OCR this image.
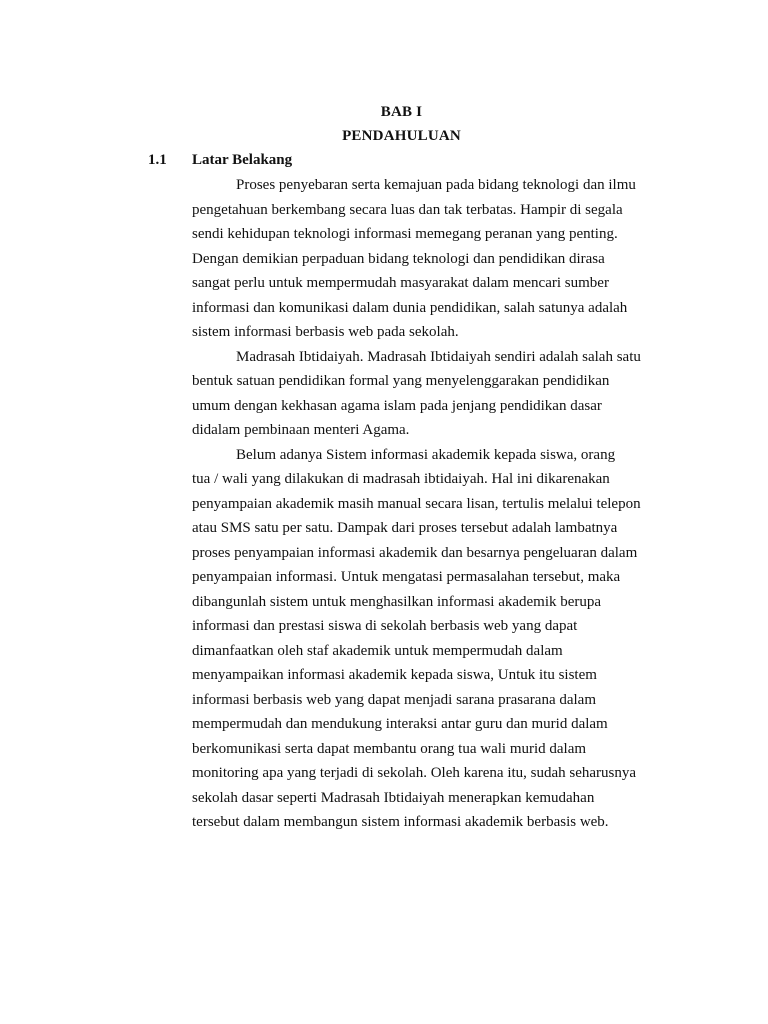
BAB I
PENDAHULUAN
1.1 Latar Belakang
Proses penyebaran serta kemajuan pada bidang teknologi dan ilmu
pengetahuan berkembang secara luas dan tak terbatas. Hampir di segala
sendi kehidupan teknologi informasi memegang peranan yang penting.
Dengan demikian perpaduan bidang teknologi dan pendidikan dirasa
sangat perlu untuk mempermudah masyarakat dalam mencari sumber
informasi dan komunikasi dalam dunia pendidikan, salah satunya adalah
sistem informasi berbasis web pada sekolah.
Madrasah Ibtidaiyah. Madrasah Ibtidaiyah sendiri adalah salah satu
bentuk satuan pendidikan formal yang menyelenggarakan pendidikan
umum dengan kekhasan agama islam pada jenjang pendidikan dasar
didalam pembinaan menteri Agama.
Belum adanya Sistem informasi akademik kepada siswa, orang
tua / wali yang dilakukan di madrasah ibtidaiyah. Hal ini dikarenakan
penyampaian akademik masih manual secara lisan, tertulis melalui telepon
atau SMS satu per satu. Dampak dari proses tersebut adalah lambatnya
proses penyampaian informasi akademik dan besarnya pengeluaran dalam
penyampaian informasi. Untuk mengatasi permasalahan tersebut, maka
dibangunlah sistem untuk menghasilkan informasi akademik berupa
informasi dan prestasi siswa di sekolah berbasis web yang dapat
dimanfaatkan oleh staf akademik untuk mempermudah dalam
menyampaikan informasi akademik kepada siswa, Untuk itu sistem
informasi berbasis web yang dapat menjadi sarana prasarana dalam
mempermudah dan mendukung interaksi antar guru dan murid dalam
berkomunikasi serta dapat membantu orang tua wali murid dalam
monitoring apa yang terjadi di sekolah. Oleh karena itu, sudah seharusnya
sekolah dasar seperti Madrasah Ibtidaiyah menerapkan kemudahan
tersebut dalam membangun sistem informasi akademik berbasis web.
